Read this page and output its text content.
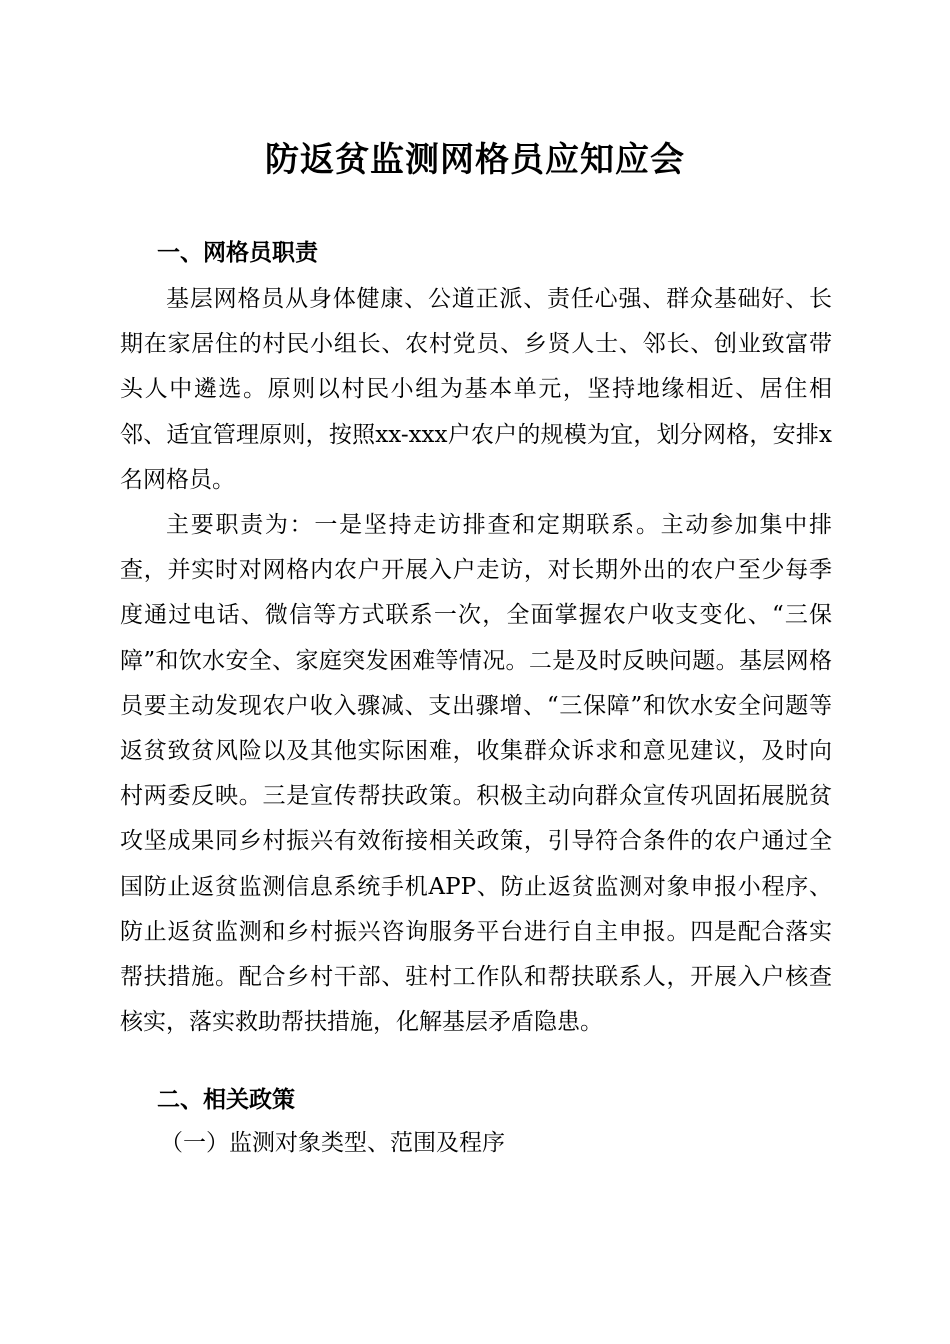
防返贫监测网格员应知应会
一、网格员职责

基层网格员从身体健康、公道正派、责任心强、群众基础好、长期在家居住的村民小组长、农村党员、乡贤人士、邻长、创业致富带头人中遴选。原则以村民小组为基本单元，坚持地缘相近、居住相邻、适宜管理原则，按照xx-xxx户农户的规模为宜，划分网格，安排x名网格员。

主要职责为：一是坚持走访排查和定期联系。主动参加集中排查，并实时对网格内农户开展入户走访，对长期外出的农户至少每季度通过电话、微信等方式联系一次，全面掌握农户收支变化、“三保障”和饮水安全、家庭突发困难等情况。二是及时反映问题。基层网格员要主动发现农户收入骤减、支出骤增、“三保障”和饮水安全问题等返贫致贫风险以及其他实际困难，收集群众诉求和意见建议，及时向村两委反映。三是宣传帮扶政策。积极主动向群众宣传巩固拓展脱贫攻坚成果同乡村振兴有效衔接相关政策，引导符合条件的农户通过全国防止返贫监测信息系统手机APP、防止返贫监测对象申报小程序、防止返贫监测和乡村振兴咨询服务平台进行自主申报。四是配合落实帮扶措施。配合乡村干部、驻村工作队和帮扶联系人，开展入户核查核实，落实救助帮扶措施，化解基层矛盾隐患。

二、相关政策
（一）监测对象类型、范围及程序
